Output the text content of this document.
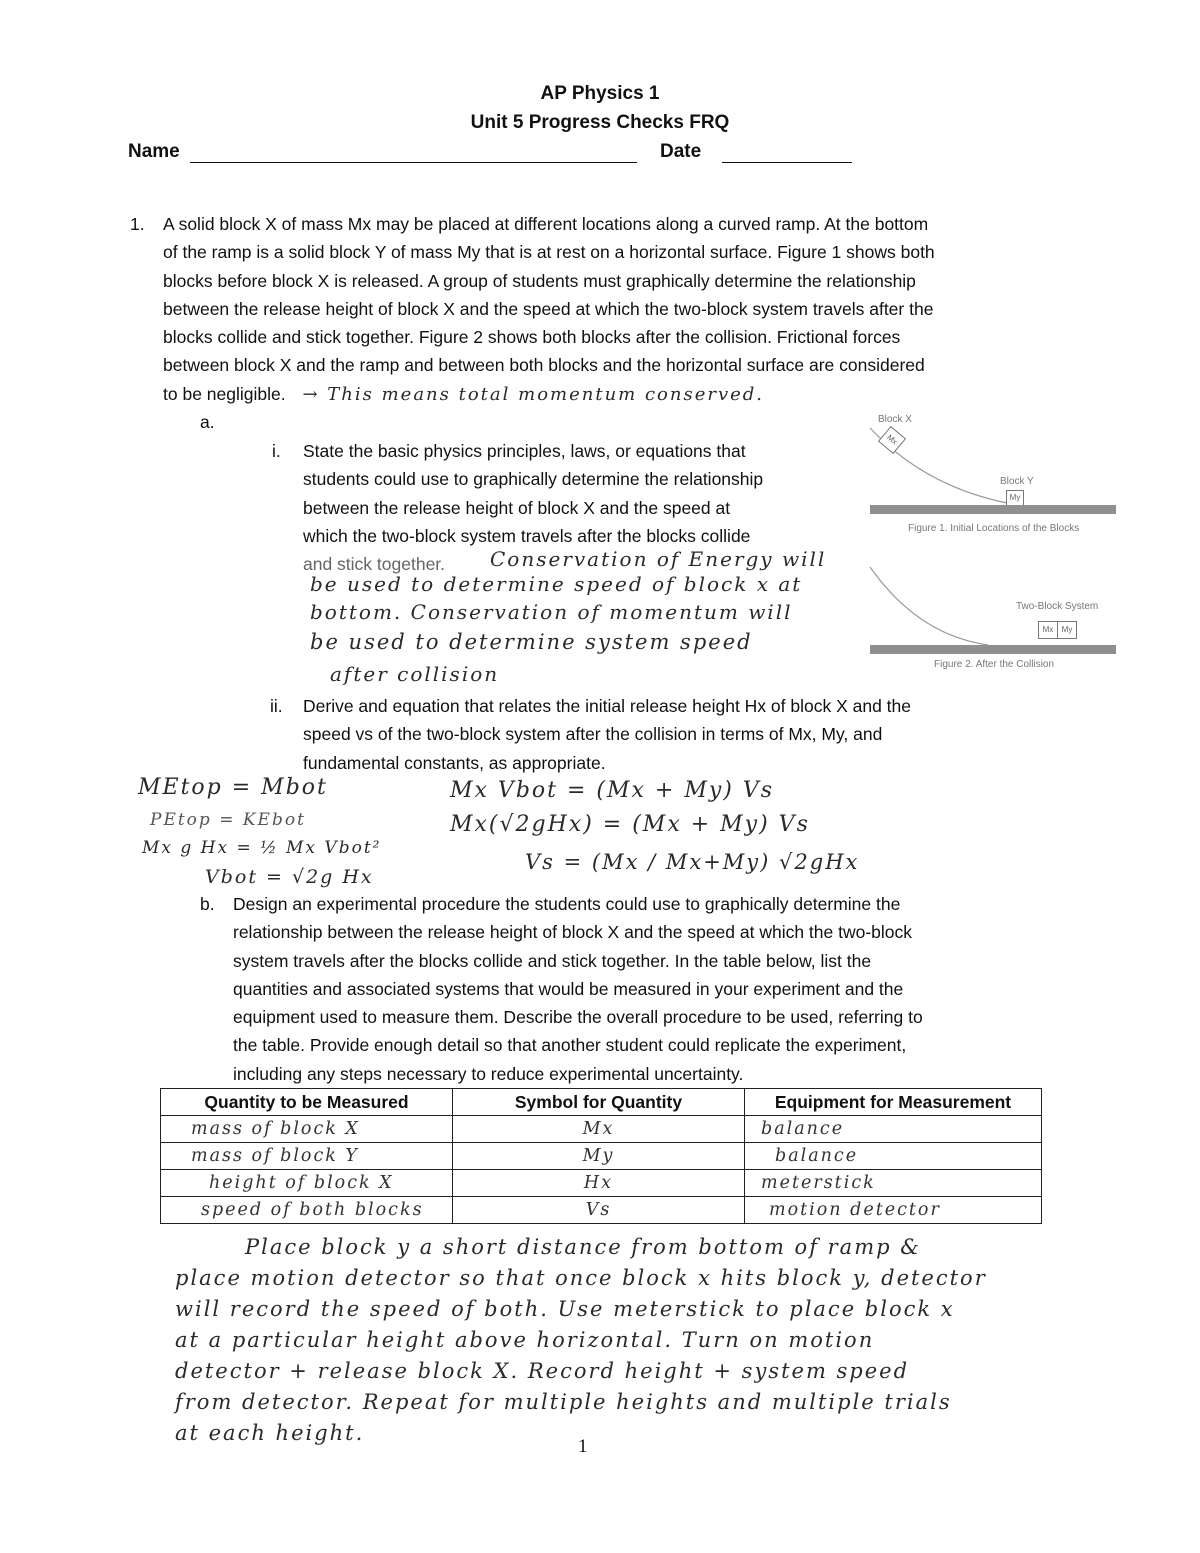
AP Physics 1
Unit 5 Progress Checks FRQ
Name	Date
1. A solid block X of mass Mx may be placed at different locations along a curved ramp. At the bottom
of the ramp is a solid block Y of mass My that is at rest on a horizontal surface. Figure 1 shows both
blocks before block X is released. A group of students must graphically determine the relationship
between the release height of block X and the speed at which the two-block system travels after the
blocks collide and stick together. Figure 2 shows both blocks after the collision. Frictional forces
between block X and the ramp and between both blocks and the horizontal surface are considered
to be negligible. → This means total momentum conserved.
a.
i. State the basic physics principles, laws, or equations that
students could use to graphically determine the relationship
between the release height of block X and the speed at
which the two-block system travels after the blocks collide
and stick together. Conservation of Energy will
be used to determine speed of block x at
bottom. Conservation of momentum will
be used to determine system speed
after collision
Block X
Mx
Block Y
My
Figure 1. Initial Locations of the Blocks
Two-Block System
Mx	My
Figure 2. After the Collision
ii. Derive and equation that relates the initial release height Hx of block X and the
speed vs of the two-block system after the collision in terms of Mx, My, and
fundamental constants, as appropriate.
MEtop = Mbot
PEtop = KEbot
Mx g Hx = ½ Mx Vbot²
Vbot = √2g Hx
Mx Vbot = (Mx + My) Vs
Mx(√2gHx) = (Mx + My) Vs
Vs = (Mx / Mx+My) √2gHx
b. Design an experimental procedure the students could use to graphically determine the
relationship between the release height of block X and the speed at which the two-block
system travels after the blocks collide and stick together. In the table below, list the
quantities and associated systems that would be measured in your experiment and the
equipment used to measure them. Describe the overall procedure to be used, referring to
the table. Provide enough detail so that another student could replicate the experiment,
including any steps necessary to reduce experimental uncertainty.
Quantity to be Measured	Symbol for Quantity	Equipment for Measurement
mass of block X	Mx	balance
mass of block Y	My	balance
height of block X	Hx	meterstick
speed of both blocks	Vs	motion detector
Place block y a short distance from bottom of ramp &
place motion detector so that once block x hits block y, detector
will record the speed of both. Use meterstick to place block x
at a particular height above horizontal. Turn on motion
detector + release block X. Record height + system speed
from detector. Repeat for multiple heights and multiple trials
at each height.
1
